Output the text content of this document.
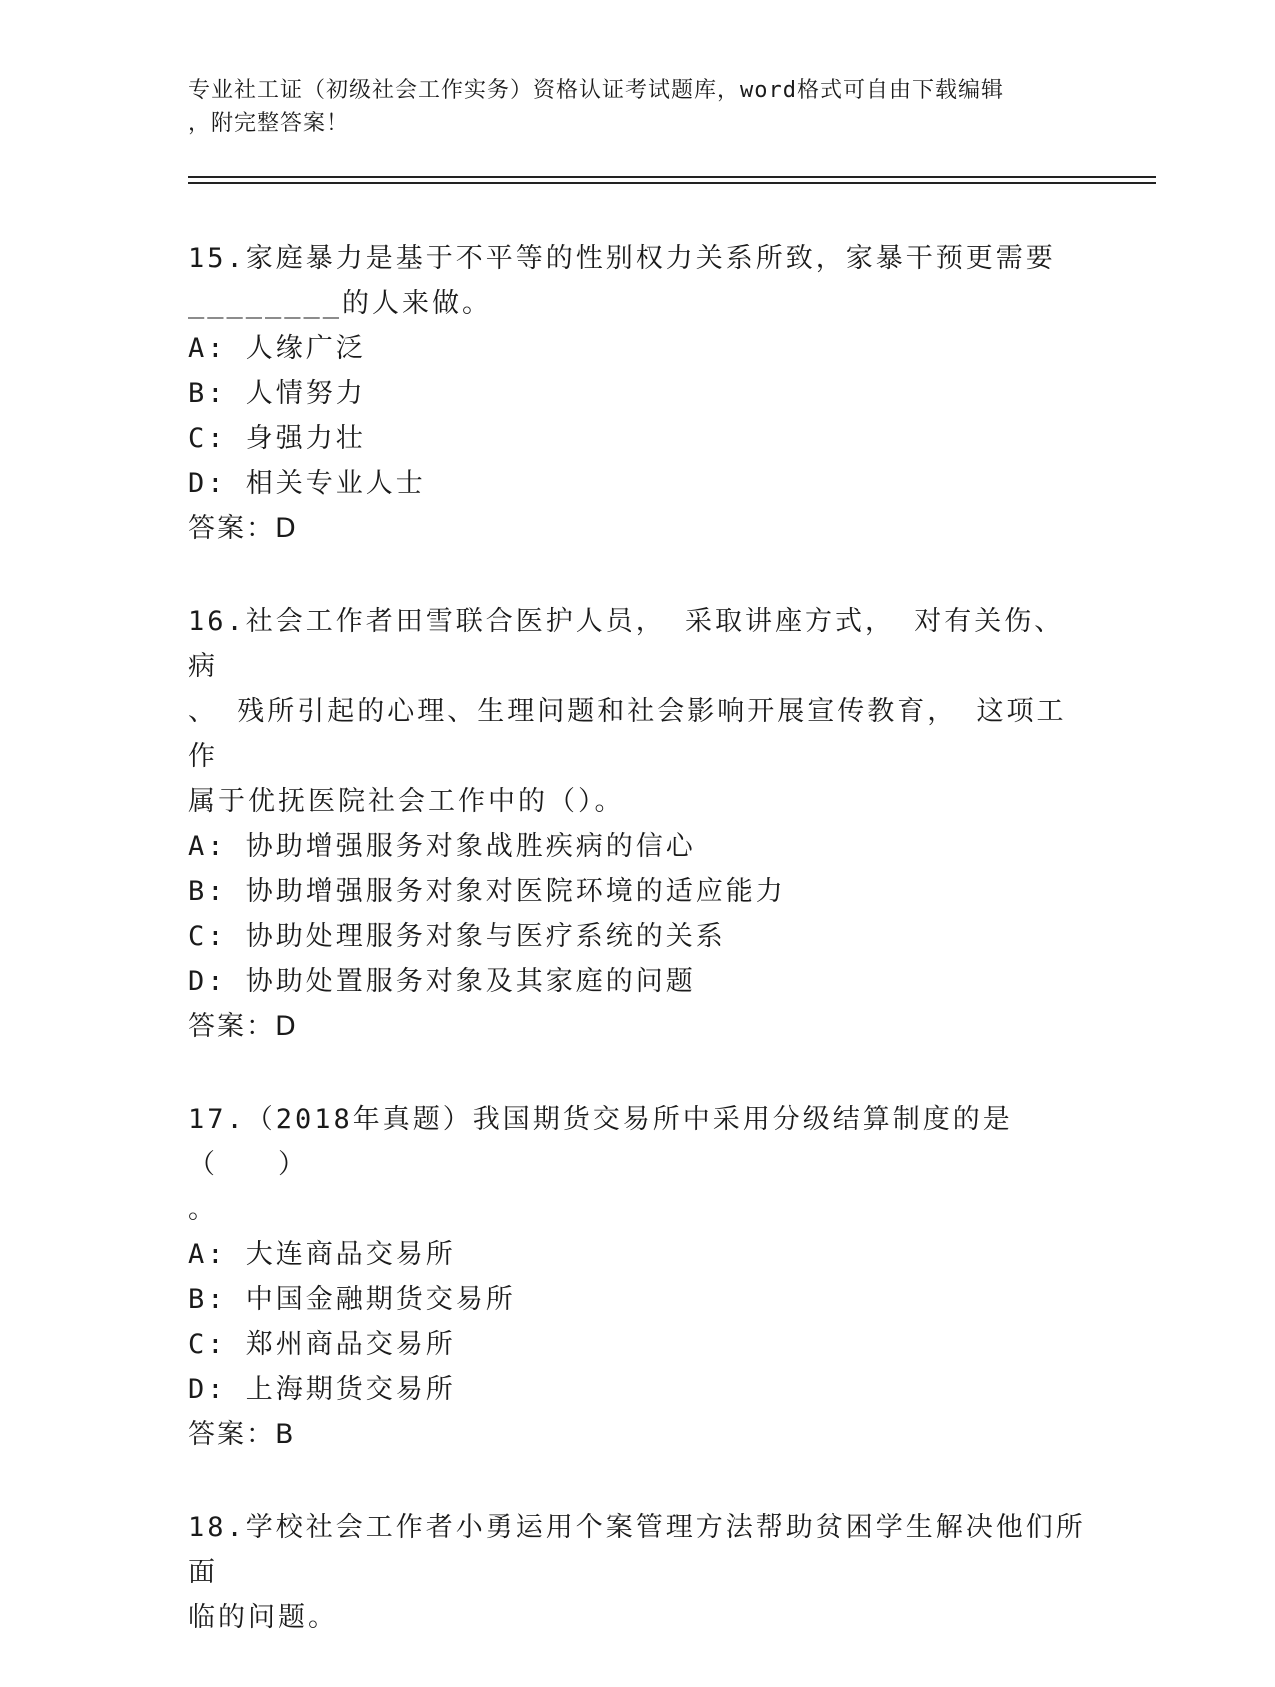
专业社工证（初级社会工作实务）资格认证考试题库，word格式可自由下载编辑
，附完整答案！
15.家庭暴力是基于不平等的性别权力关系所致，家暴干预更需要
________的人来做。
A: 人缘广泛
B: 人情努力
C: 身强力壮
D: 相关专业人士
答案：D
16.社会工作者田雪联合医护人员， 采取讲座方式， 对有关伤、 病
、 残所引起的心理、生理问题和社会影响开展宣传教育， 这项工作
属于优抚医院社会工作中的（）。
A: 协助增强服务对象战胜疾病的信心
B: 协助增强服务对象对医院环境的适应能力
C: 协助处理服务对象与医疗系统的关系
D: 协助处置服务对象及其家庭的问题
答案：D
17.（2018年真题）我国期货交易所中采用分级结算制度的是（　　）
。
A: 大连商品交易所
B: 中国金融期货交易所
C: 郑州商品交易所
D: 上海期货交易所
答案：B
18.学校社会工作者小勇运用个案管理方法帮助贫困学生解决他们所面
临的问题。
